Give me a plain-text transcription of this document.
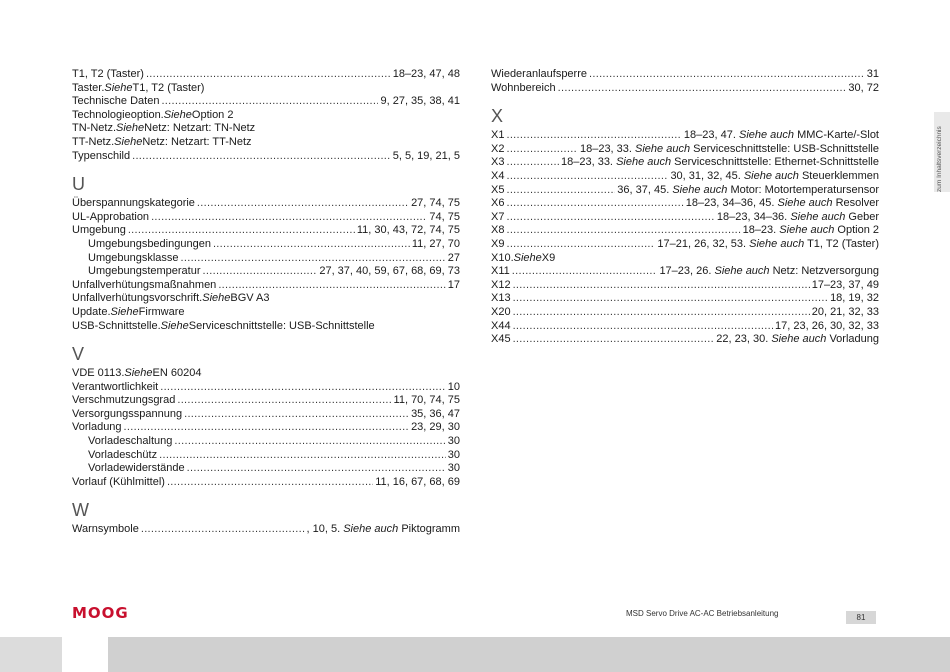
zum Inhaltsverzeichnis
T1, T2 (Taster) .....	18–23, 47, 48
Taster. Siehe T1, T2 (Taster)
Technische Daten .....	9, 27, 35, 38, 41
Technologieoption. Siehe Option 2
TN-Netz. Siehe Netz: Netzart: TN-Netz
TT-Netz. Siehe Netz: Netzart: TT-Netz
Typenschild .....	5, 5, 19, 21, 5
U
Überspannungskategorie .....	27, 74, 75
UL-Approbation .....	74, 75
Umgebung .....	11, 30, 43, 72, 74, 75
Umgebungsbedingungen .....	11, 27, 70
Umgebungsklasse .....	27
Umgebungstemperatur .....	27, 37, 40, 59, 67, 68, 69, 73
Unfallverhütungsmaßnahmen .....	17
Unfallverhütungsvorschrift. Siehe BGV A3
Update. Siehe Firmware
USB-Schnittstelle. Siehe Serviceschnittstelle: USB-Schnittstelle
V
VDE 0113. Siehe EN 60204
Verantwortlichkeit .....	10
Verschmutzungsgrad .....	11, 70, 74, 75
Versorgungsspannung .....	35, 36, 47
Vorladung .....	23, 29, 30
Vorladeschaltung .....	30
Vorladeschütz .....	30
Vorladewiderstände .....	30
Vorlauf (Kühlmittel) .....	11, 16, 67, 68, 69
W
Warnsymbole .....	, 10, 5. Siehe auch Piktogramm
Wiederanlaufsperre .....	31
Wohnbereich .....	30, 72
X
X1 .....	18–23, 47. Siehe auch MMC-Karte/-Slot
X2 .....	18–23, 33. Siehe auch Serviceschnittstelle: USB-Schnittstelle
X3 .....	18–23, 33. Siehe auch Serviceschnittstelle: Ethernet-Schnittstelle
X4 .....	30, 31, 32, 45. Siehe auch Steuerklemmen
X5 .....	36, 37, 45. Siehe auch Motor: Motortemperatursensor
X6 .....	18–23, 34–36, 45. Siehe auch Resolver
X7 .....	18–23, 34–36. Siehe auch Geber
X8 .....	18–23. Siehe auch Option 2
X9 .....	17–21, 26, 32, 53. Siehe auch T1, T2 (Taster)
X10. Siehe X9
X11 .....	17–23, 26. Siehe auch Netz: Netzversorgung
X12 .....	17–23, 37, 49
X13 .....	18, 19, 32
X20 .....	20, 21, 32, 33
X44 .....	17, 23, 26, 30, 32, 33
X45 .....	22, 23, 30. Siehe auch Vorladung
MOOG	MSD Servo Drive AC-AC Betriebsanleitung	81
